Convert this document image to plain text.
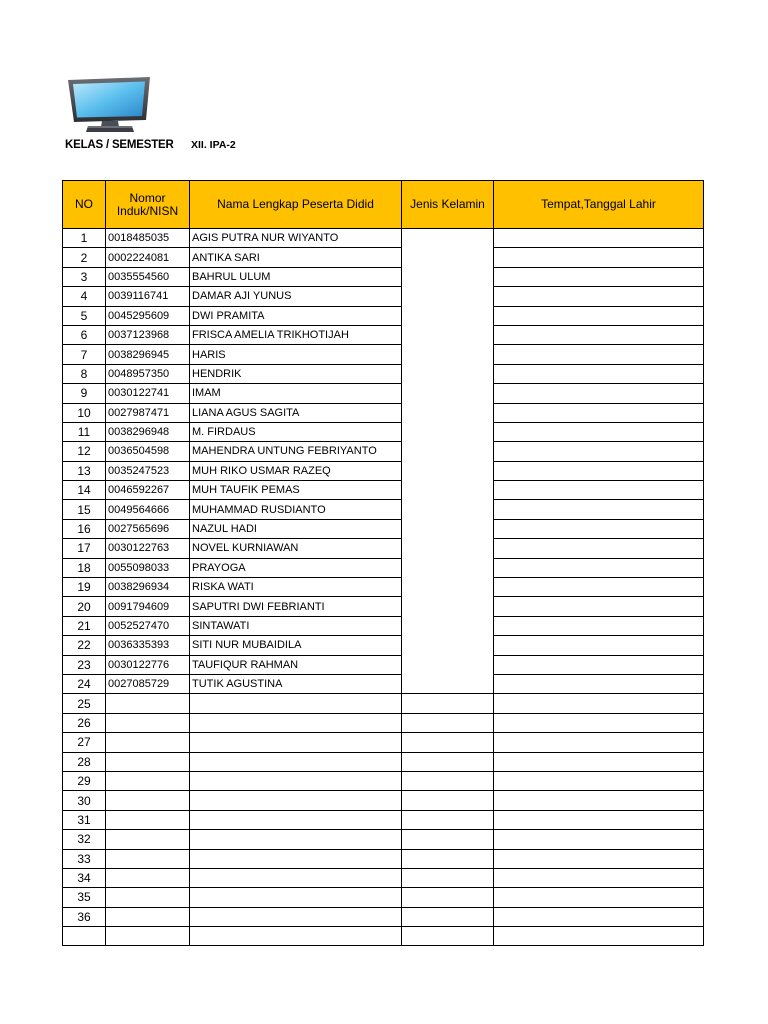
KELAS / SEMESTER	XII. IPA-2
NO	Nomor Induk/NISN	Nama Lengkap Peserta Didid	Jenis Kelamin	Tempat,Tanggal Lahir
1	0018485035	AGIS PUTRA NUR WIYANTO		
2	0002224081	ANTIKA SARI		
3	0035554560	BAHRUL ULUM		
4	0039116741	DAMAR AJI YUNUS		
5	0045295609	DWI PRAMITA		
6	0037123968	FRISCA AMELIA TRIKHOTIJAH		
7	0038296945	HARIS		
8	0048957350	HENDRIK		
9	0030122741	IMAM		
10	0027987471	LIANA AGUS SAGITA		
11	0038296948	M. FIRDAUS		
12	0036504598	MAHENDRA UNTUNG FEBRIYANTO		
13	0035247523	MUH RIKO USMAR RAZEQ		
14	0046592267	MUH TAUFIK PEMAS		
15	0049564666	MUHAMMAD RUSDIANTO		
16	0027565696	NAZUL HADI		
17	0030122763	NOVEL KURNIAWAN		
18	0055098033	PRAYOGA		
19	0038296934	RISKA WATI		
20	0091794609	SAPUTRI DWI FEBRIANTI		
21	0052527470	SINTAWATI		
22	0036335393	SITI NUR MUBAIDILA		
23	0030122776	TAUFIQUR RAHMAN		
24	0027085729	TUTIK AGUSTINA		
25				
26				
27				
28				
29				
30				
31				
32				
33				
34				
35				
36				
